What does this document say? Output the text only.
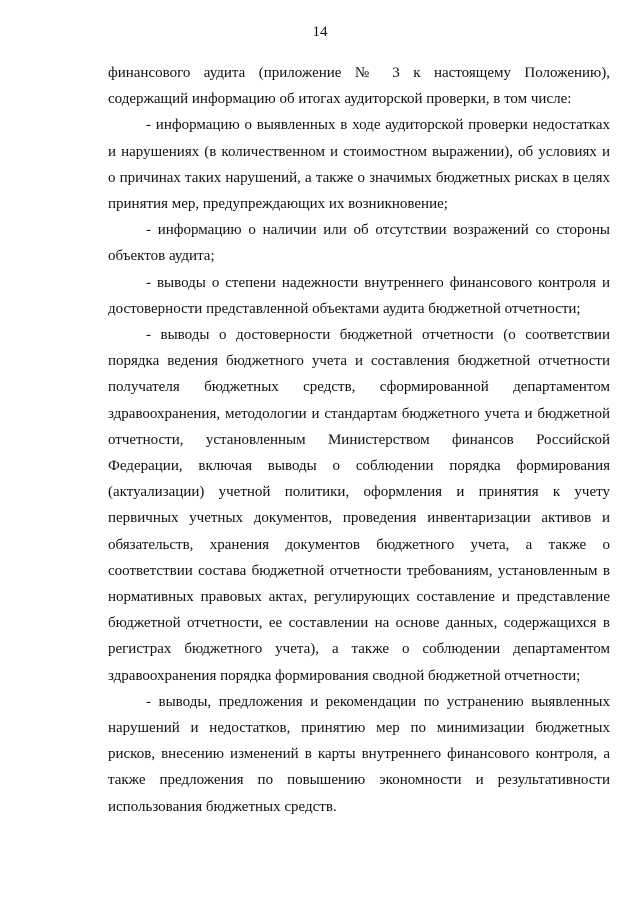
14
финансового аудита (приложение № 3 к настоящему Положению),
содержащий информацию об итогах аудиторской проверки, в том числе:
- информацию о выявленных в ходе аудиторской проверки недостатках
и нарушениях (в количественном и стоимостном выражении), об условиях и
о причинах таких нарушений, а также о значимых бюджетных рисках в целях
принятия мер, предупреждающих их возникновение;
- информацию о наличии или об отсутствии возражений со стороны
объектов аудита;
- выводы о степени надежности внутреннего финансового контроля и
достоверности представленной объектами аудита бюджетной отчетности;
- выводы о достоверности бюджетной отчетности (о соответствии
порядка ведения бюджетного учета и составления бюджетной отчетности
получателя бюджетных средств, сформированной департаментом
здравоохранения, методологии и стандартам бюджетного учета и бюджетной
отчетности, установленным Министерством финансов Российской
Федерации, включая выводы о соблюдении порядка формирования
(актуализации) учетной политики, оформления и принятия к учету
первичных учетных документов, проведения инвентаризации активов и
обязательств, хранения документов бюджетного учета, а также о
соответствии состава бюджетной отчетности требованиям, установленным в
нормативных правовых актах, регулирующих составление и представление
бюджетной отчетности, ее составлении на основе данных, содержащихся в
регистрах бюджетного учета), а также о соблюдении департаментом
здравоохранения порядка формирования сводной бюджетной отчетности;
- выводы, предложения и рекомендации по устранению выявленных
нарушений и недостатков, принятию мер по минимизации бюджетных
рисков, внесению изменений в карты внутреннего финансового контроля, а
также предложения по повышению экономности и результативности
использования бюджетных средств.
